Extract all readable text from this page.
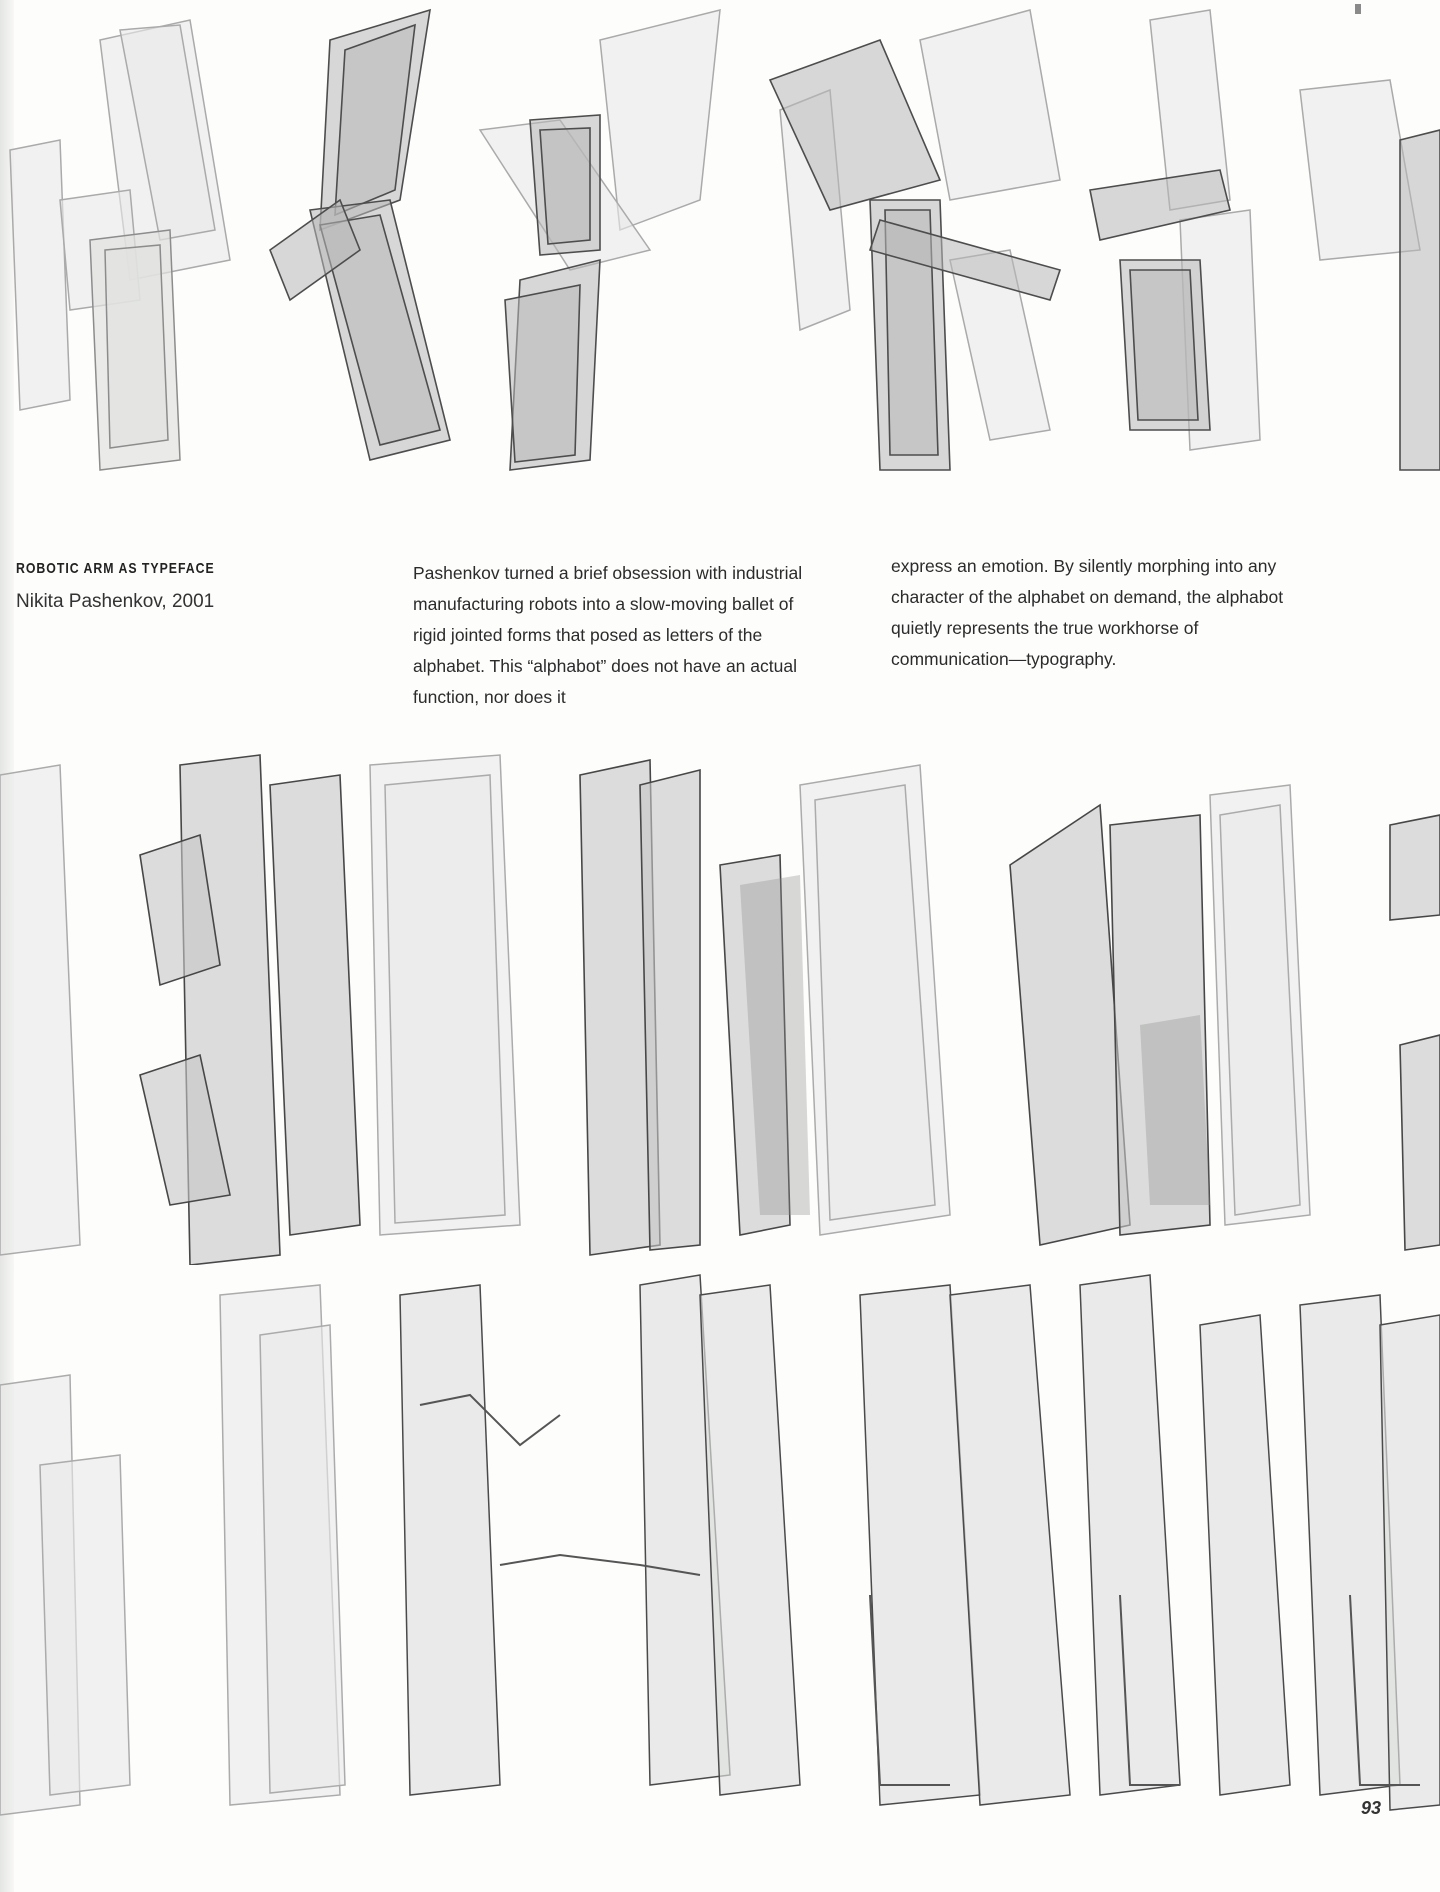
ROBOTIC ARM AS TYPEFACE
Nikita Pashenkov, 2001
Pashenkov turned a brief obsession with industrial manufacturing robots into a slow-moving ballet of rigid jointed forms that posed as letters of the alphabet. This “alphabot” does not have an actual function, nor does it
express an emotion. By silently morphing into any character of the alphabet on demand, the alphabot quietly represents the true workhorse of communication—typography.
93
